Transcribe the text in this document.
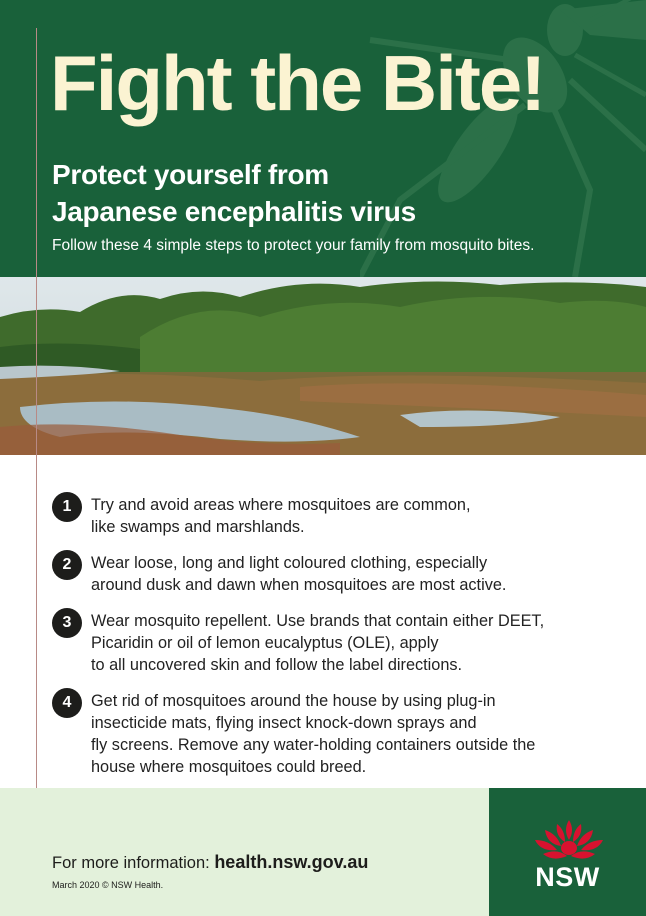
Fight the Bite!
Protect yourself from
Japanese encephalitis virus

Follow these 4 simple steps to protect your family from mosquito bites.

1	Try and avoid areas where mosquitoes are common,
like swamps and marshlands.
2	Wear loose, long and light coloured clothing, especially
around dusk and dawn when mosquitoes are most active.
3	Wear mosquito repellent. Use brands that contain either DEET,
Picaridin or oil of lemon eucalyptus (OLE), apply
to all uncovered skin and follow the label directions.
4	Get rid of mosquitoes around the house by using plug-in
insecticide mats, flying insect knock-down sprays and
fly screens. Remove any water-holding containers outside the
house where mosquitoes could breed.
For more information: health.nsw.gov.au
March 2020 © NSW Health.	NSW
